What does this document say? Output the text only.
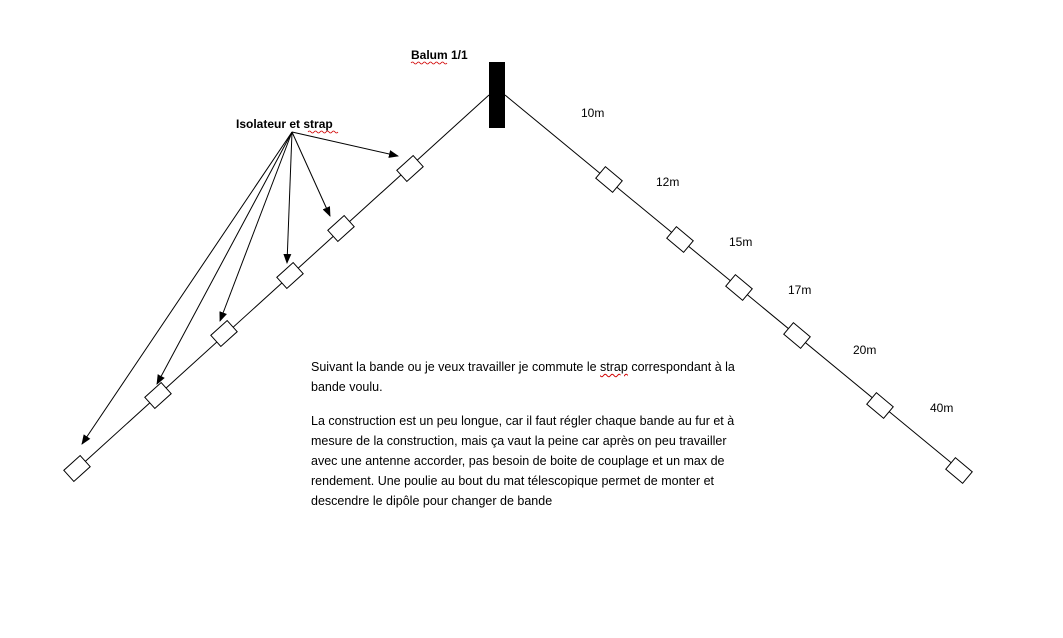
Balum 1/1
Isolateur et strap
10m
12m
15m
17m
20m
40m

Suivant la bande ou je veux travailler je commute le strap correspondant à la bande voulu.

La construction est un peu longue, car il faut régler chaque bande au fur et à mesure de la construction, mais ça vaut la peine car après on peu travailler avec une antenne accorder, pas besoin de boite de couplage et un max de rendement. Une poulie au bout du mat télescopique permet de monter et descendre le dipôle pour changer de bande
